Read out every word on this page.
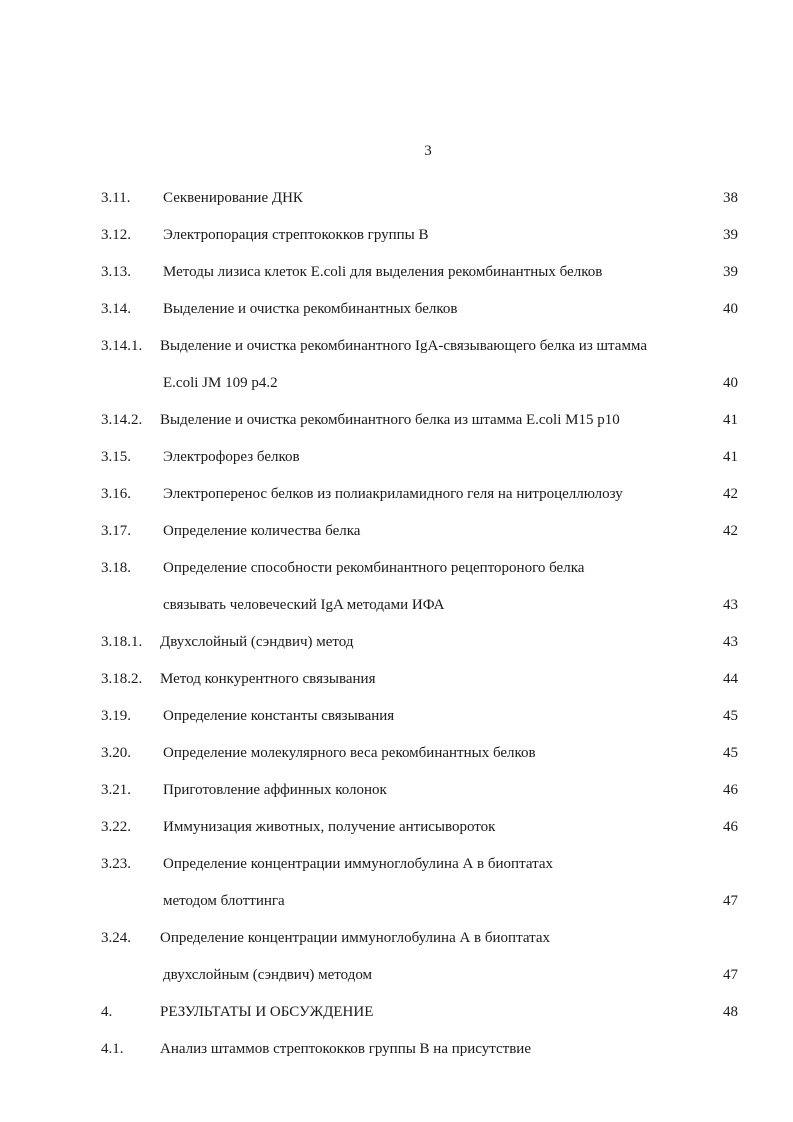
3
3.11.	Секвенирование ДНК	38
3.12.	Электропорация стрептококков группы В	39
3.13.	Методы лизиса клеток E.coli для выделения рекомбинантных белков	39
3.14.	Выделение и очистка рекомбинантных белков	40
3.14.1.	Выделение и очистка рекомбинантного IgA-связывающего белка из штамма
E.coli JM 109 p4.2	40
3.14.2.	Выделение и очистка рекомбинантного белка из штамма E.coli M15 p10	41
3.15.	Электрофорез белков	41
3.16.	Электроперенос белков из полиакриламидного геля на нитроцеллюлозу	42
3.17.	Определение количества белка	42
3.18.	Определение способности рекомбинантного рецептороного белка
связывать человеческий IgA методами ИФА	43
3.18.1.	Двухслойный (сэндвич) метод	43
3.18.2.	Метод конкурентного связывания	44
3.19.	Определение константы связывания	45
3.20.	Определение молекулярного веса рекомбинантных белков	45
3.21.	Приготовление аффинных колонок	46
3.22.	Иммунизация животных, получение антисывороток	46
3.23.	Определение концентрации иммуноглобулина А в биоптатах
методом блоттинга	47
3.24.	Определение концентрации иммуноглобулина А в биоптатах
двухслойным (сэндвич) методом	47
4.	РЕЗУЛЬТАТЫ И ОБСУЖДЕНИЕ	48
4.1.	Анализ штаммов стрептококков группы В на присутствие
